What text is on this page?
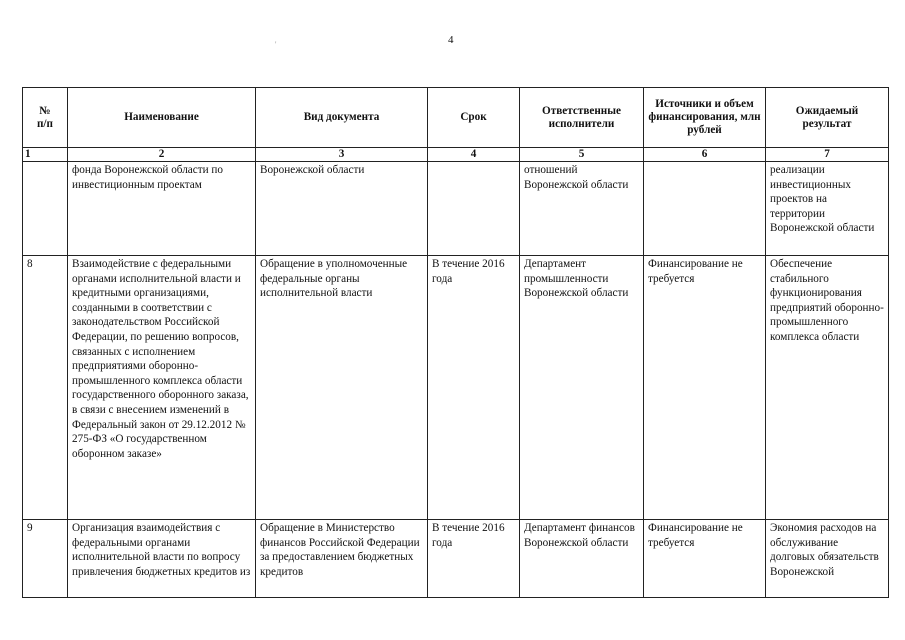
4
'
№
п/п	Наименование	Вид документа	Срок	Ответственные исполнители	Источники и объем финансирования, млн рублей	Ожидаемый результат
1	2	3	4	5	6	7
	фонда Воронежской области по инвестиционным проектам	Воронежской области		отношений Воронежской области		реализации инвестиционных проектов на территории Воронежской области
8	Взаимодействие с федеральными органами исполнительной власти и кредитными организациями, созданными в соответствии с законодательством Российской Федерации, по решению вопросов, связанных с исполнением предприятиями оборонно-промышленного комплекса области государственного оборонного заказа, в связи с внесением изменений в Федеральный закон от 29.12.2012 № 275-ФЗ «О государственном оборонном заказе»	Обращение в уполномоченные федеральные органы исполнительной власти	В течение 2016 года	Департамент промышленности Воронежской области	Финансирование не требуется	Обеспечение стабильного функционирования предприятий оборонно-промышленного комплекса области

9	Организация взаимодействия с федеральными органами исполнительной власти по вопросу привлечения бюджетных кредитов из	Обращение в Министерство финансов Российской Федерации за предоставлением бюджетных кредитов	В течение 2016 года	Департамент финансов Воронежской области	Финансирование не требуется	Экономия расходов на обслуживание долговых обязательств Воронежской
